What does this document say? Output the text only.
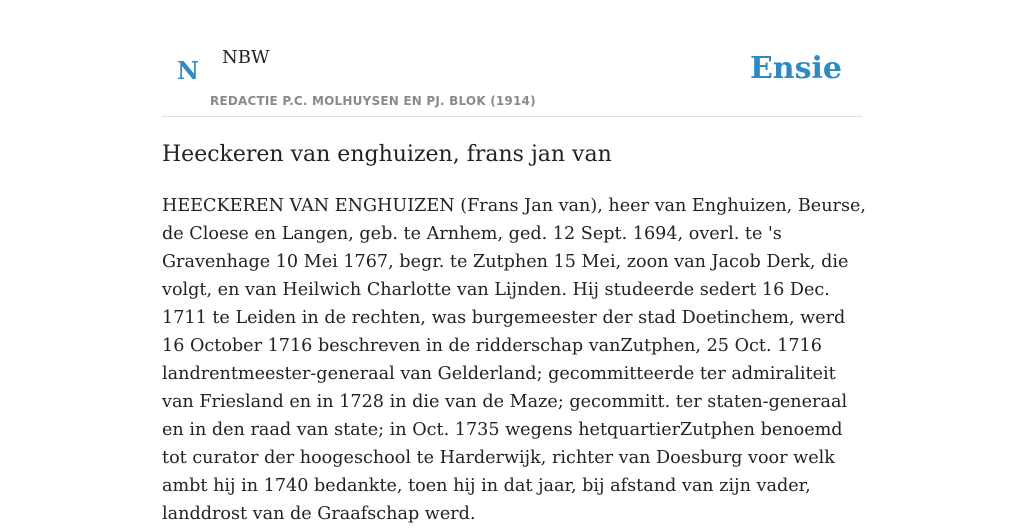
N NBW
REDACTIE P.C. MOLHUYSEN EN PJ. BLOK (1914)
Ensie
Heeckeren van enghuizen, frans jan van

HEECKEREN VAN ENGHUIZEN (Frans Jan van), heer van Enghuizen, Beurse, de Cloese en Langen, geb. te Arnhem, ged. 12 Sept. 1694, overl. te 's Gravenhage 10 Mei 1767, begr. te Zutphen 15 Mei, zoon van Jacob Derk, die volgt, en van Heilwich Charlotte van Lijnden. Hij studeerde sedert 16 Dec. 1711 te Leiden in de rechten, was burgemeester der stad Doetinchem, werd 16 October 1716 beschreven in de ridderschap vanZutphen, 25 Oct. 1716 landrentmeester-generaal van Gelderland; gecommitteerde ter admiraliteit van Friesland en in 1728 in die van de Maze; gecommitt. ter staten-generaal en in den raad van state; in Oct. 1735 wegens hetquartierZutphen benoemd tot curator der hoogeschool te Harderwijk, richter van Doesburg voor welk ambt hij in 1740 bedankte, toen hij in dat jaar, bij afstand van zijn vader, landdrost van de Graafschap werd.
